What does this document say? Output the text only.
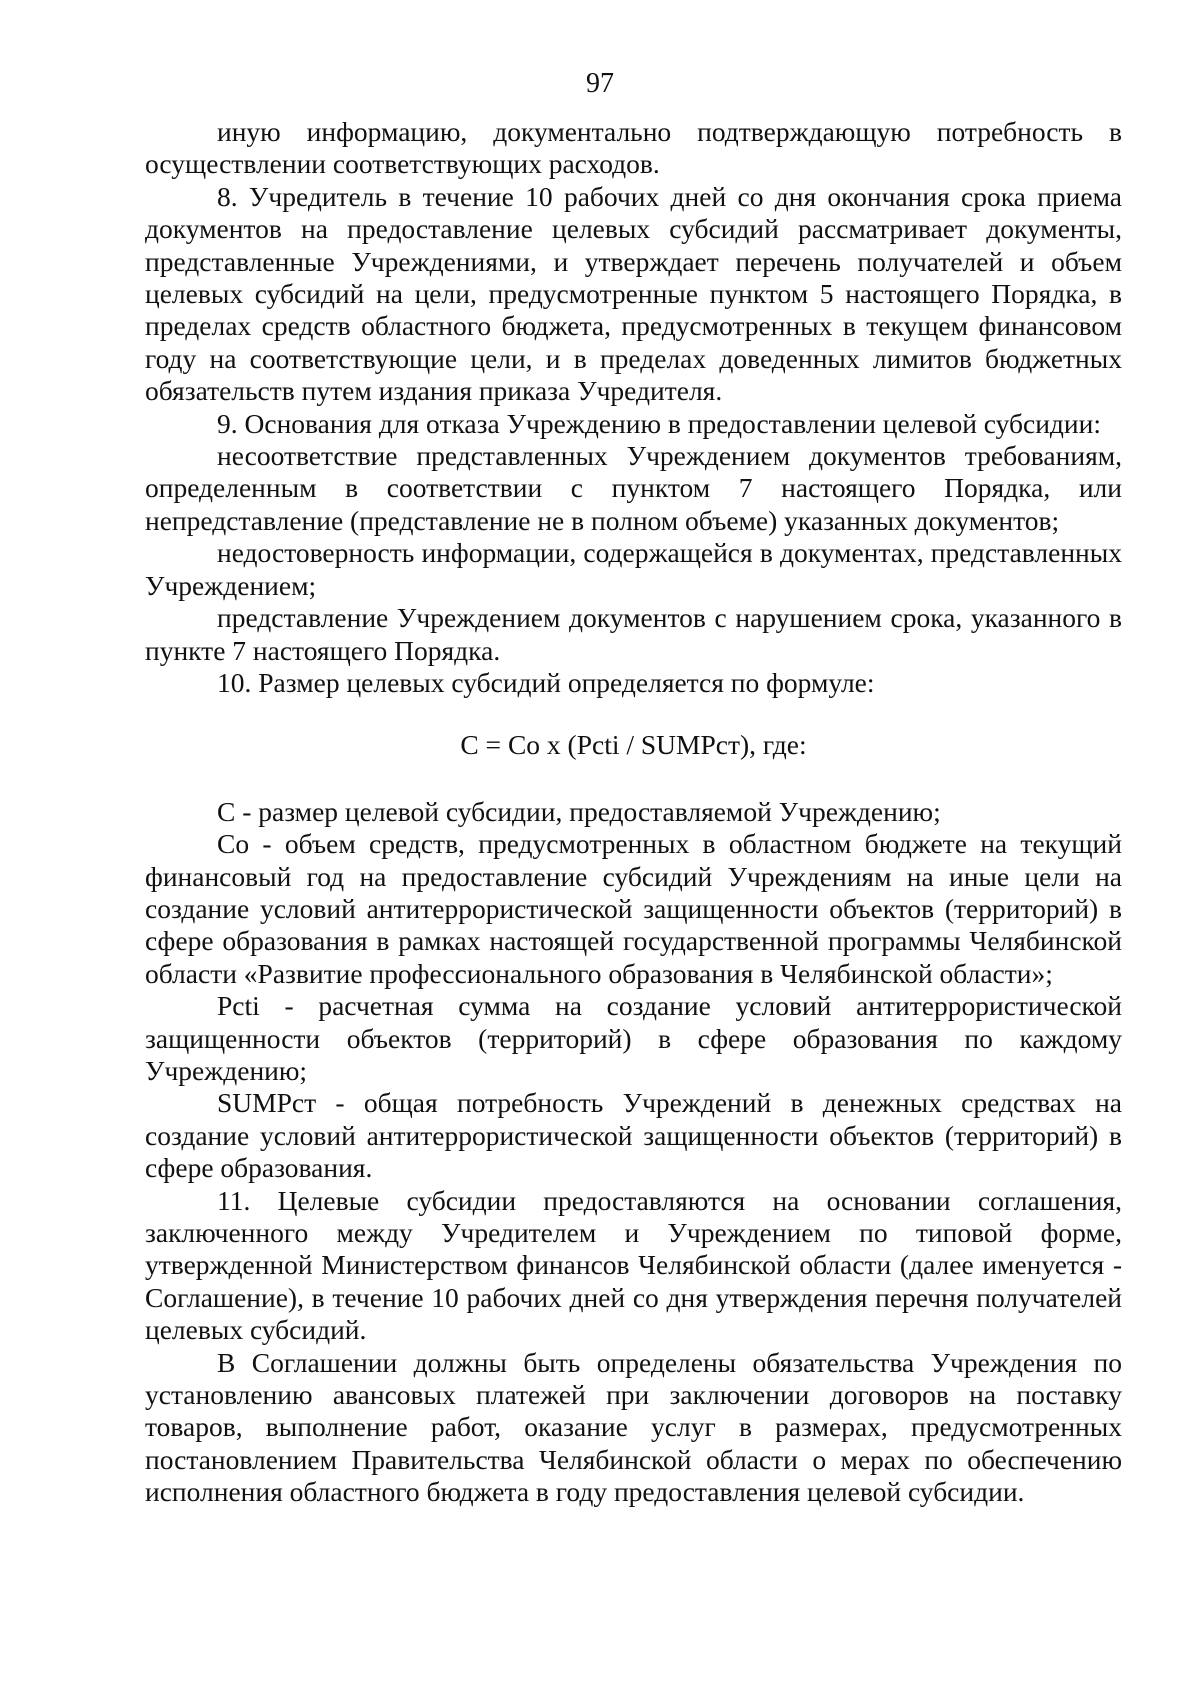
97

иную информацию, документально подтверждающую потребность в осуществлении соответствующих расходов.

8. Учредитель в течение 10 рабочих дней со дня окончания срока приема документов на предоставление целевых субсидий рассматривает документы, представленные Учреждениями, и утверждает перечень получателей и объем целевых субсидий на цели, предусмотренные пунктом 5 настоящего Порядка, в пределах средств областного бюджета, предусмотренных в текущем финансовом году на соответствующие цели, и в пределах доведенных лимитов бюджетных обязательств путем издания приказа Учредителя.

9. Основания для отказа Учреждению в предоставлении целевой субсидии:

несоответствие представленных Учреждением документов требованиям, определенным в соответствии с пунктом 7 настоящего Порядка, или непредставление (представление не в полном объеме) указанных документов;

недостоверность информации, содержащейся в документах, представленных Учреждением;

представление Учреждением документов с нарушением срока, указанного в пункте 7 настоящего Порядка.

10. Размер целевых субсидий определяется по формуле:

C = Co x (Pcti / SUMPст), где:

C - размер целевой субсидии, предоставляемой Учреждению;

Co - объем средств, предусмотренных в областном бюджете на текущий финансовый год на предоставление субсидий Учреждениям на иные цели на создание условий антитеррористической защищенности объектов (территорий) в сфере образования в рамках настоящей государственной программы Челябинской области «Развитие профессионального образования в Челябинской области»;

Pcti - расчетная сумма на создание условий антитеррористической защищенности объектов (территорий) в сфере образования по каждому Учреждению;

SUMPст - общая потребность Учреждений в денежных средствах на создание условий антитеррористической защищенности объектов (территорий) в сфере образования.

11. Целевые субсидии предоставляются на основании соглашения, заключенного между Учредителем и Учреждением по типовой форме, утвержденной Министерством финансов Челябинской области (далее именуется - Соглашение), в течение 10 рабочих дней со дня утверждения перечня получателей целевых субсидий.

В Соглашении должны быть определены обязательства Учреждения по установлению авансовых платежей при заключении договоров на поставку товаров, выполнение работ, оказание услуг в размерах, предусмотренных постановлением Правительства Челябинской области о мерах по обеспечению исполнения областного бюджета в году предоставления целевой субсидии.
